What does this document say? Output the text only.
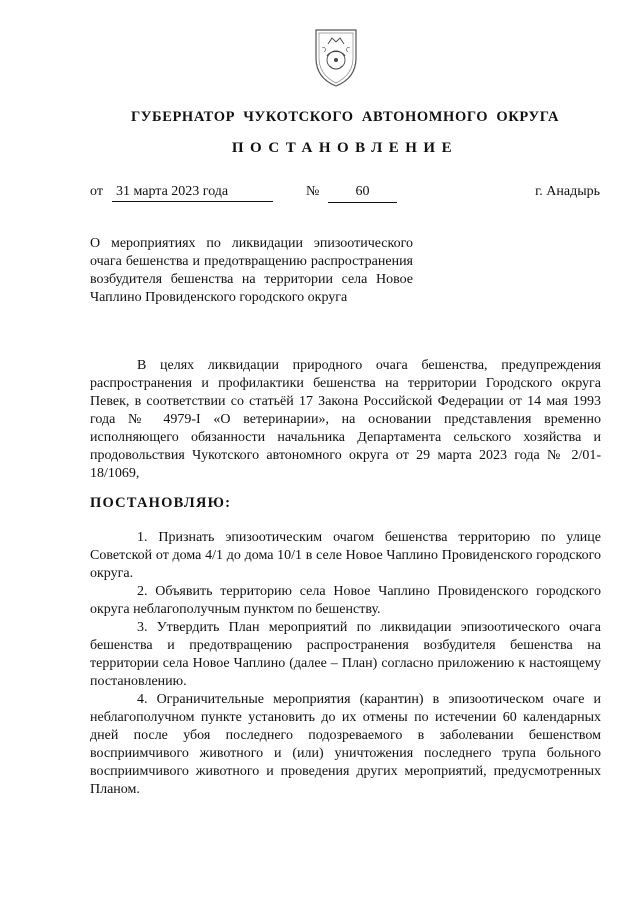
ГУБЕРНАТОР ЧУКОТСКОГО АВТОНОМНОГО ОКРУГА
ПОСТАНОВЛЕНИЕ
от 31 марта 2023 года	№	60	г. Анадырь
О мероприятиях по ликвидации эпизоотического очага бешенства и предотвращению распространения возбудителя бешенства на территории села Новое Чаплино Провиденского городского округа

В целях ликвидации природного очага бешенства, предупреждения распространения и профилактики бешенства на территории Городского округа Певек, в соответствии со статьёй 17 Закона Российской Федерации от 14 мая 1993 года № 4979-I «О ветеринарии», на основании представления временно исполняющего обязанности начальника Департамента сельского хозяйства и продовольствия Чукотского автономного округа от 29 марта 2023 года № 2/01-18/1069,

ПОСТАНОВЛЯЮ:

1. Признать эпизоотическим очагом бешенства территорию по улице Советской от дома 4/1 до дома 10/1 в селе Новое Чаплино Провиденского городского округа.

2. Объявить территорию села Новое Чаплино Провиденского городского округа неблагополучным пунктом по бешенству.

3. Утвердить План мероприятий по ликвидации эпизоотического очага бешенства и предотвращению распространения возбудителя бешенства на территории села Новое Чаплино (далее – План) согласно приложению к настоящему постановлению.

4. Ограничительные мероприятия (карантин) в эпизоотическом очаге и неблагополучном пункте установить до их отмены по истечении 60 календарных дней после убоя последнего подозреваемого в заболевании бешенством восприимчивого животного и (или) уничтожения последнего трупа больного восприимчивого животного и проведения других мероприятий, предусмотренных Планом.
